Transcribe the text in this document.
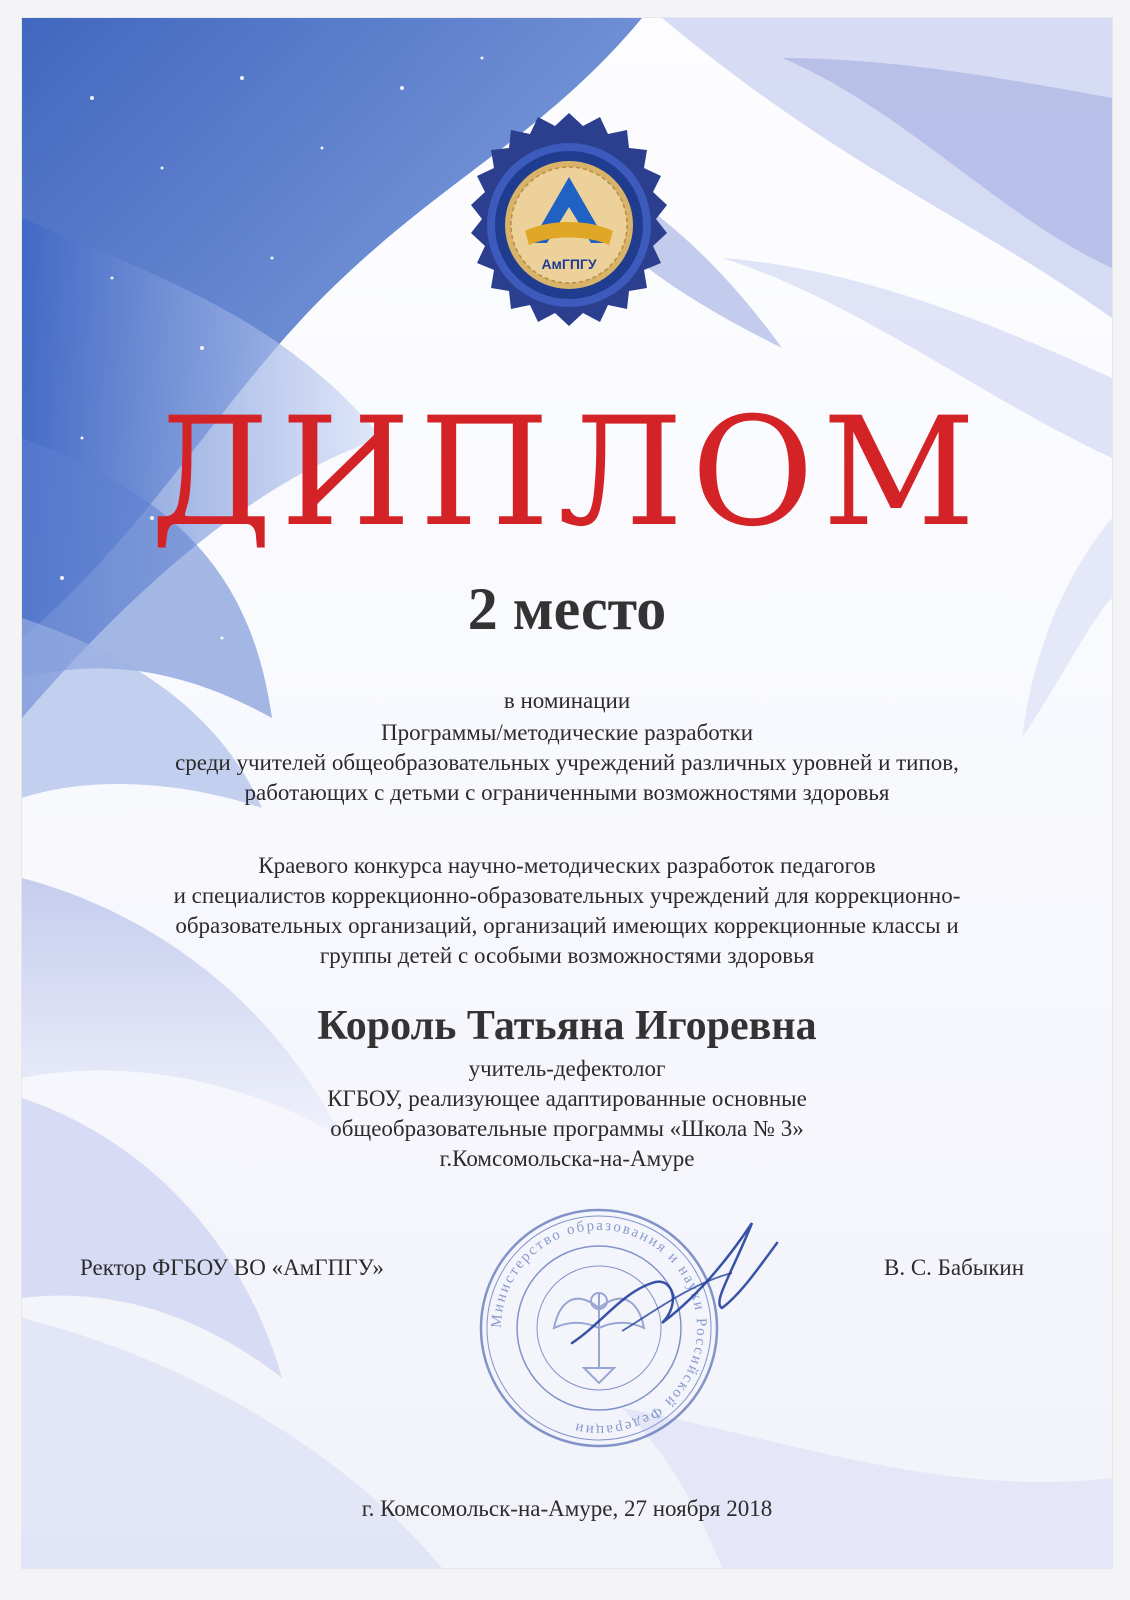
АмГПГУ
ДИПЛОМ
2 место
в номинации
Программы/методические разработки
среди учителей общеобразовательных учреждений различных уровней и типов,
работающих с детьми с ограниченными возможностями здоровья
Краевого конкурса научно-методических разработок педагогов
и специалистов коррекционно-образовательных учреждений для коррекционно-
образовательных организаций, организаций имеющих коррекционные классы и
группы детей с особыми возможностями здоровья
Король Татьяна Игоревна
учитель-дефектолог
КГБОУ, реализующее адаптированные основные
общеобразовательные программы «Школа № 3»
г.Комсомольска-на-Амуре
Ректор ФГБОУ ВО «АмГПГУ»	В. С. Бабыкин
Министерство образования и науки Российской Федерации
г. Комсомольск-на-Амуре, 27 ноября 2018
